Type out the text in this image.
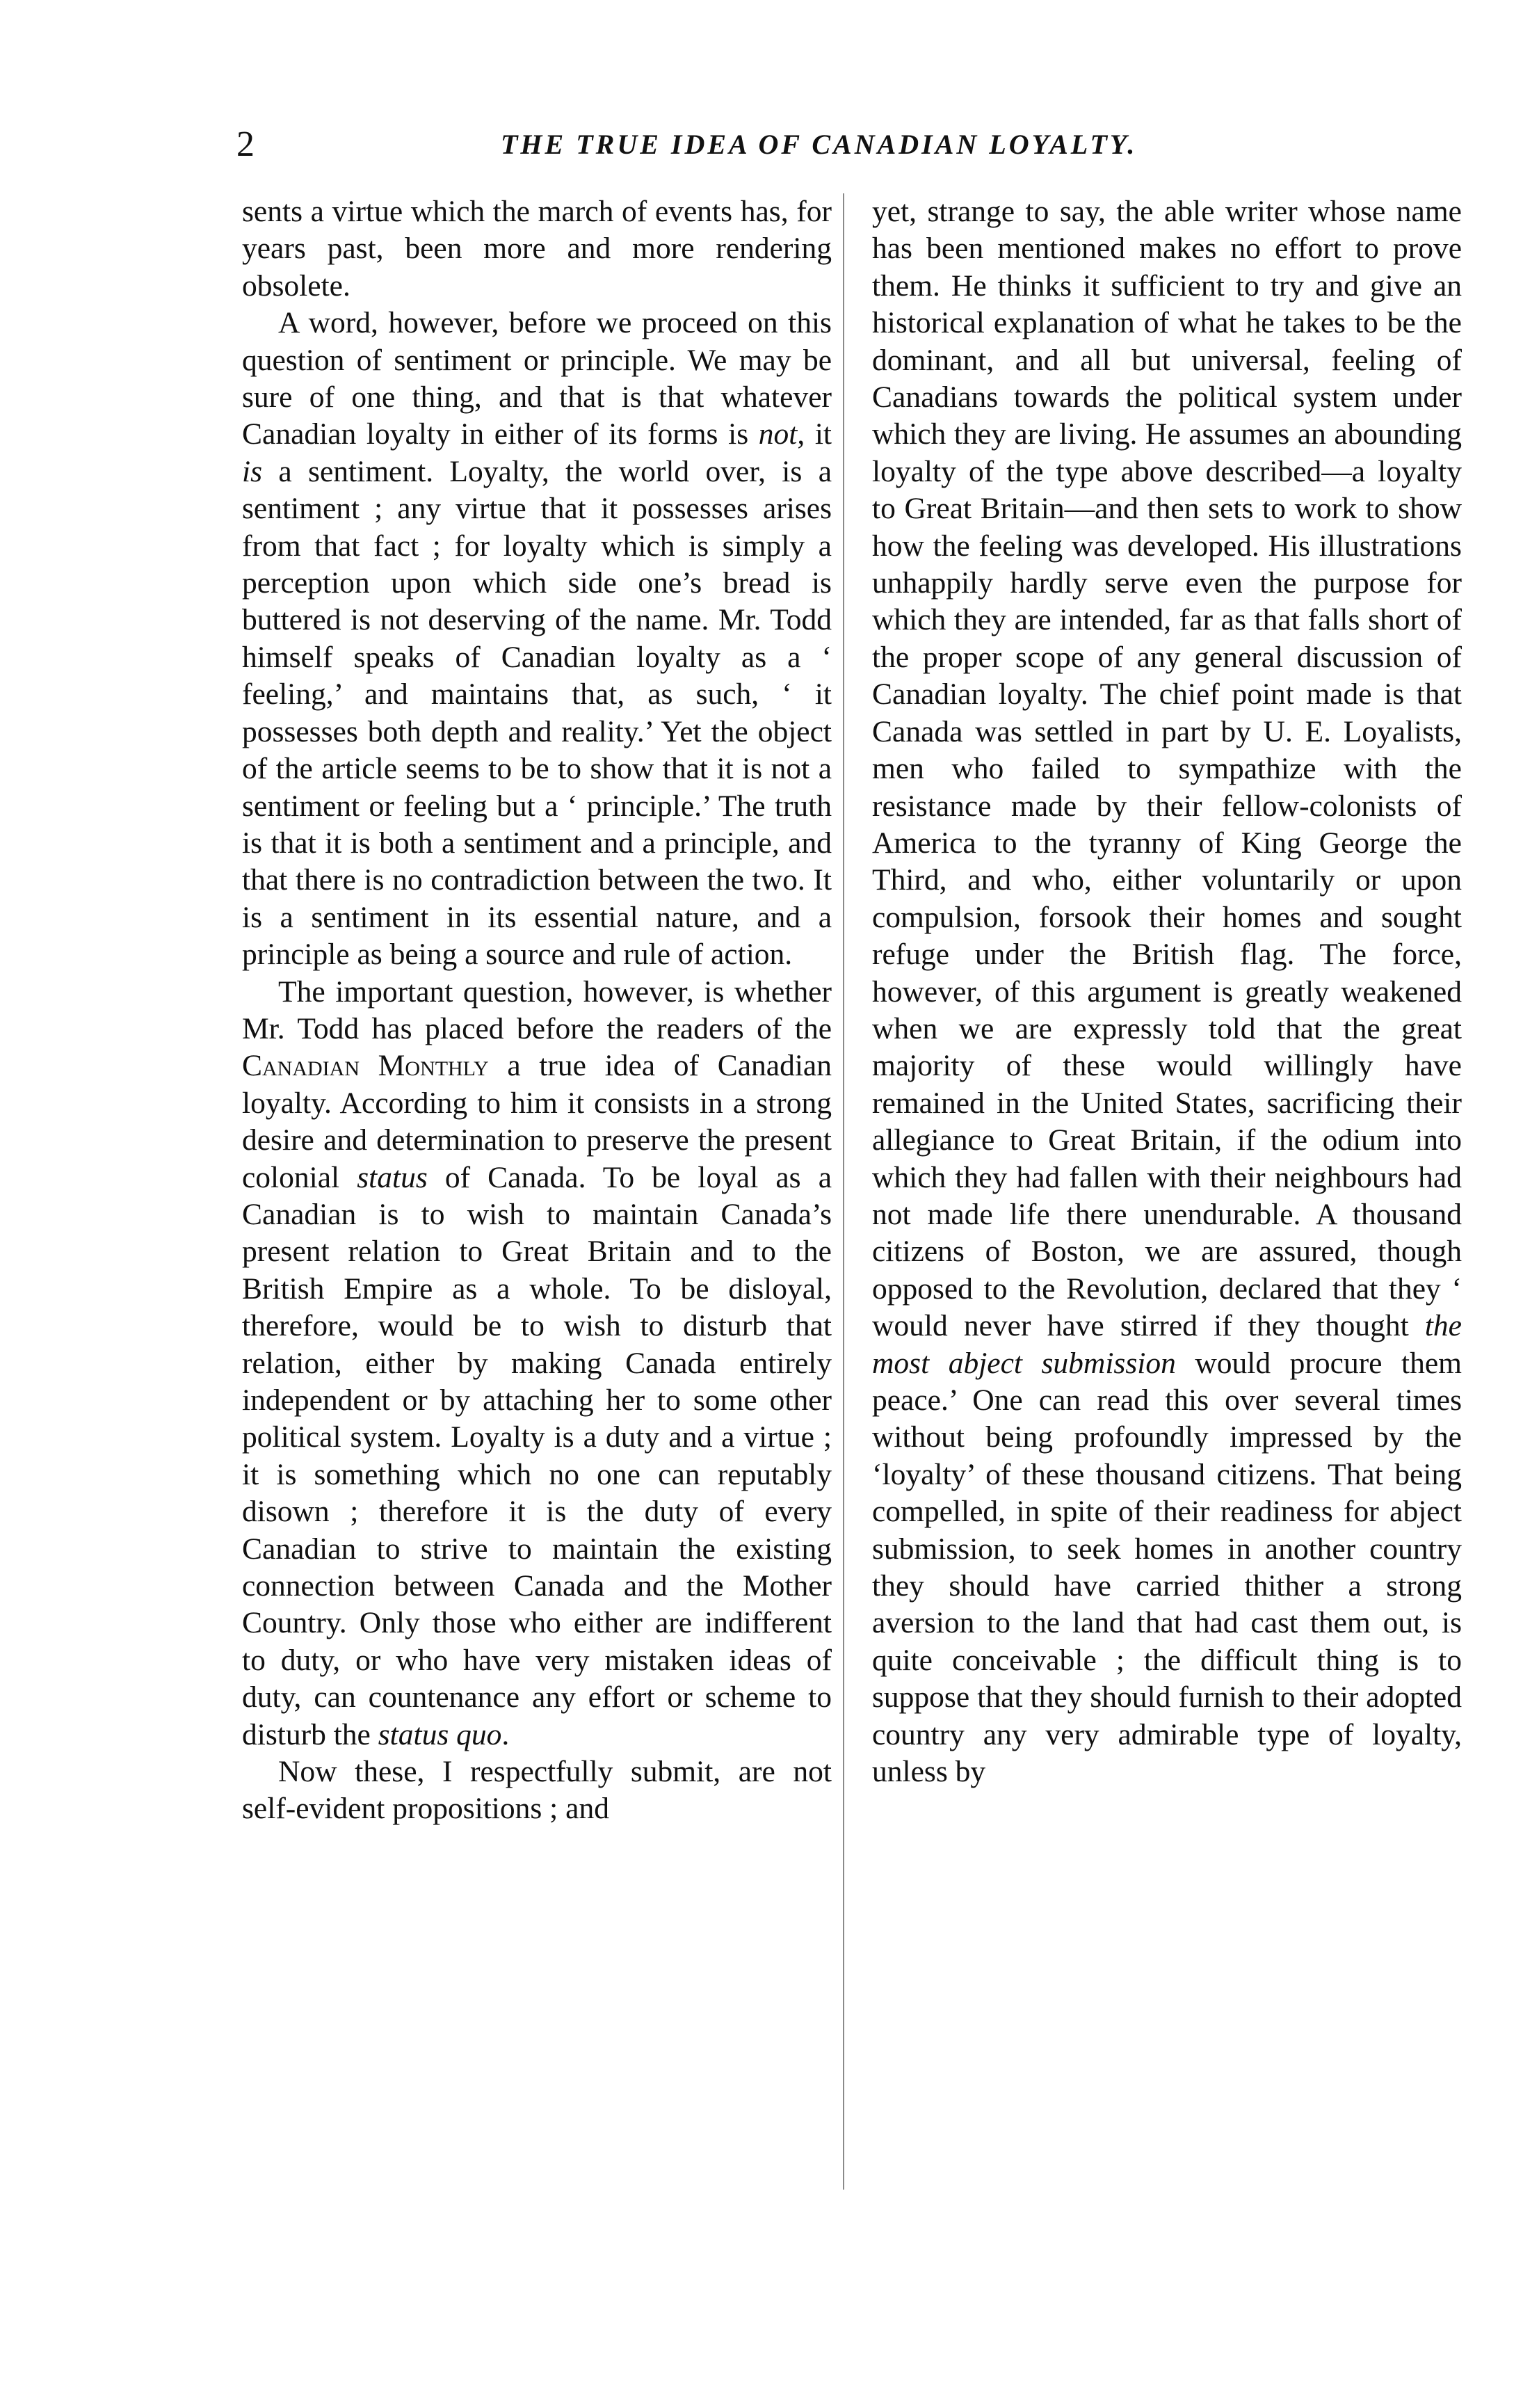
2	THE TRUE IDEA OF CANADIAN LOYALTY.

sents a virtue which the march of events has, for years past, been more and more rendering obsolete.

A word, however, before we proceed on this question of sentiment or principle. We may be sure of one thing, and that is that whatever Canadian loyalty in either of its forms is not, it is a sentiment. Loyalty, the world over, is a sentiment ; any virtue that it possesses arises from that fact ; for loyalty which is simply a perception upon which side one’s bread is buttered is not deserving of the name. Mr. Todd himself speaks of Canadian loyalty as a ‘ feeling,’ and maintains that, as such, ‘ it possesses both depth and reality.’ Yet the object of the article seems to be to show that it is not a sentiment or feeling but a ‘ principle.’ The truth is that it is both a sentiment and a principle, and that there is no contradiction between the two. It is a sentiment in its essential nature, and a principle as being a source and rule of action.

The important question, however, is whether Mr. Todd has placed before the readers of the Canadian Monthly a true idea of Canadian loyalty. According to him it consists in a strong desire and determination to preserve the present colonial status of Canada. To be loyal as a Canadian is to wish to maintain Canada’s present relation to Great Britain and to the British Empire as a whole. To be disloyal, therefore, would be to wish to disturb that relation, either by making Canada entirely independent or by attaching her to some other political system. Loyalty is a duty and a virtue ; it is something which no one can reputably disown ; therefore it is the duty of every Canadian to strive to maintain the existing connection between Canada and the Mother Country. Only those who either are indifferent to duty, or who have very mistaken ideas of duty, can countenance any effort or scheme to disturb the status quo.

Now these, I respectfully submit, are not self-evident propositions ; and

yet, strange to say, the able writer whose name has been mentioned makes no effort to prove them. He thinks it sufficient to try and give an historical explanation of what he takes to be the dominant, and all but universal, feeling of Canadians towards the political system under which they are living. He assumes an abounding loyalty of the type above described—a loyalty to Great Britain—and then sets to work to show how the feeling was developed. His illustrations unhappily hardly serve even the purpose for which they are intended, far as that falls short of the proper scope of any general discussion of Canadian loyalty. The chief point made is that Canada was settled in part by U. E. Loyalists, men who failed to sympathize with the resistance made by their fellow-colonists of America to the tyranny of King George the Third, and who, either voluntarily or upon compulsion, forsook their homes and sought refuge under the British flag. The force, however, of this argument is greatly weakened when we are expressly told that the great majority of these would willingly have remained in the United States, sacrificing their allegiance to Great Britain, if the odium into which they had fallen with their neighbours had not made life there unendurable. A thousand citizens of Boston, we are assured, though opposed to the Revolution, declared that they ‘ would never have stirred if they thought the most abject submission would procure them peace.’ One can read this over several times without being profoundly impressed by the ‘loyalty’ of these thousand citizens. That being compelled, in spite of their readiness for abject submission, to seek homes in another country they should have carried thither a strong aversion to the land that had cast them out, is quite conceivable ; the difficult thing is to suppose that they should furnish to their adopted country any very admirable type of loyalty, unless by
